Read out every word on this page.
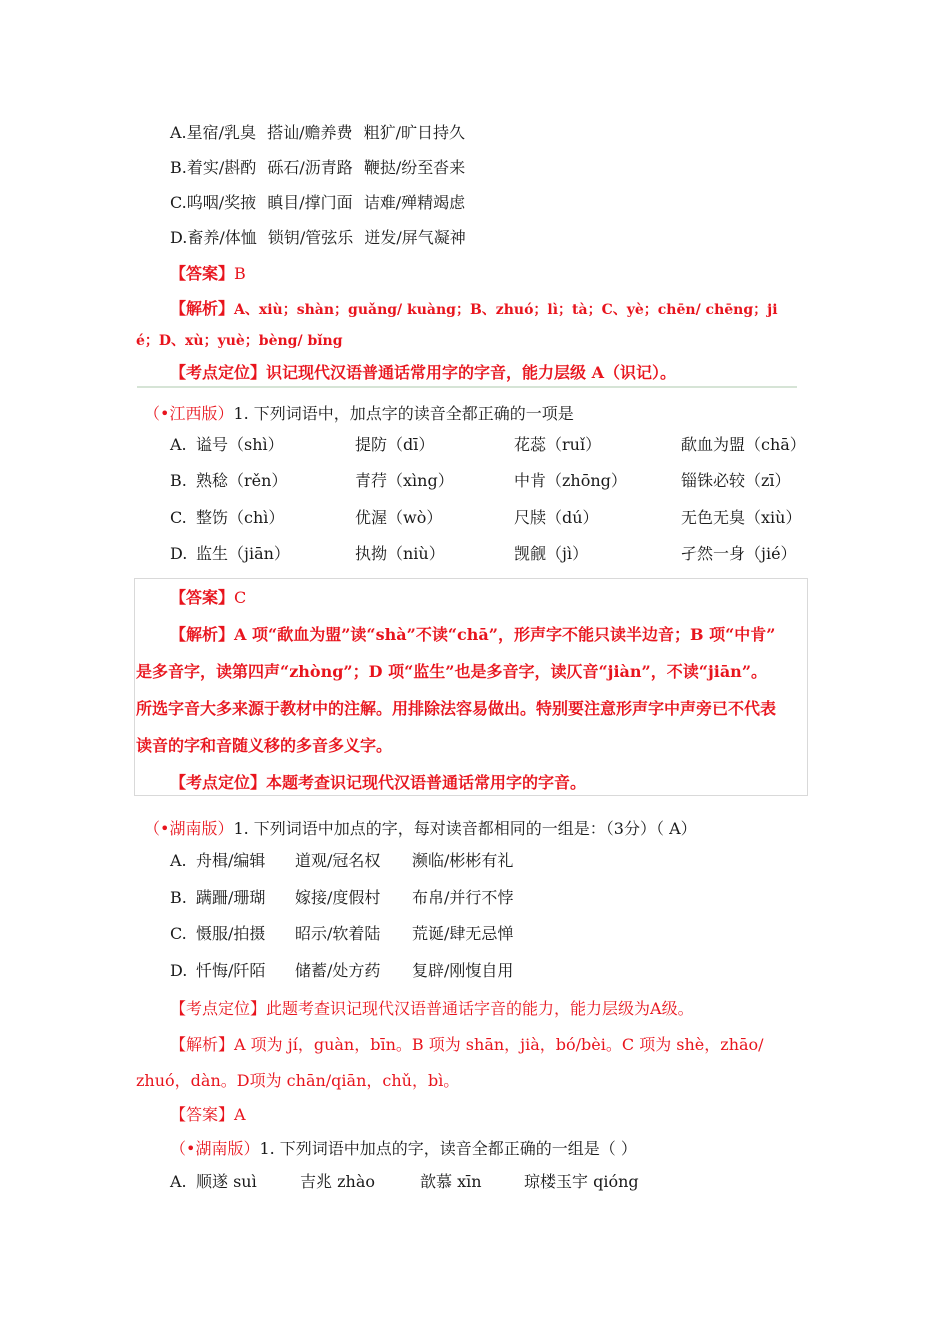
A.星宿/乳臭 搭讪/赡养费 粗犷/旷日持久
B.着实/斟酌 砾石/沥青路 鞭挞/纷至沓来
C.呜咽/奖掖 瞋目/撑门面 诘难/殚精竭虑
D.畜养/体恤 锁钥/管弦乐 迸发/屏气凝神
【答案】B
【解析】A、xiù；shàn；guǎng/ kuàng；B、zhuó；lì；tà；C、yè；chēn/ chēng；ji
é；D、xù；yuè；bèng/ bǐng
【考点定位】识记现代汉语普通话常用字的字音，能力层级 A（识记）。
（•江西版）1. 下列词语中，加点字的读音全都正确的一项是
A. 谥号（shì）	提防（dī）	花蕊（ruǐ）	歃血为盟（chā）
B. 熟稔（rěn）	青荇（xìng）	中肯（zhōng）	锱铢必较（zī）
C. 整饬（chì）	优渥（wò）	尺牍（dú）	无色无臭（xiù）
D. 监生（jiān）	执拗（niù）	觊觎（jì）	孑然一身（jié）
【答案】C
【解析】A 项“歃血为盟”读“shà”不读“chā”，形声字不能只读半边音；B 项“中肯”
是多音字，读第四声“zhòng”；D 项“监生”也是多音字，读仄音“jiàn”，不读“jiān”。
所选字音大多来源于教材中的注解。用排除法容易做出。特别要注意形声字中声旁已不代表
读音的字和音随义移的多音多义字。
【考点定位】本题考查识记现代汉语普通话常用字的字音。
（•湖南版）1. 下列词语中加点的字，每对读音都相同的一组是：（3分）（ A）
A. 舟楫/编辑 道观/冠名权 濒临/彬彬有礼
B. 蹒跚/珊瑚 嫁接/度假村 布帛/并行不悖
C. 慑服/拍摄 昭示/软着陆 荒诞/肆无忌惮
D. 忏悔/阡陌 储蓄/处方药 复辟/刚愎自用
【考点定位】此题考查识记现代汉语普通话字音的能力，能力层级为A级。
【解析】A 项为 jí，guàn，bīn。B 项为 shān，jià，bó/bèi。C 项为 shè，zhāo/
zhuó，dàn。D项为 chān/qiān，chǔ，bì。
【答案】A
（•湖南版）1. 下列词语中加点的字，读音全都正确的一组是（ ）
A. 顺遂 suì	吉兆 zhào	歆慕 xīn	琼楼玉宇 qióng
